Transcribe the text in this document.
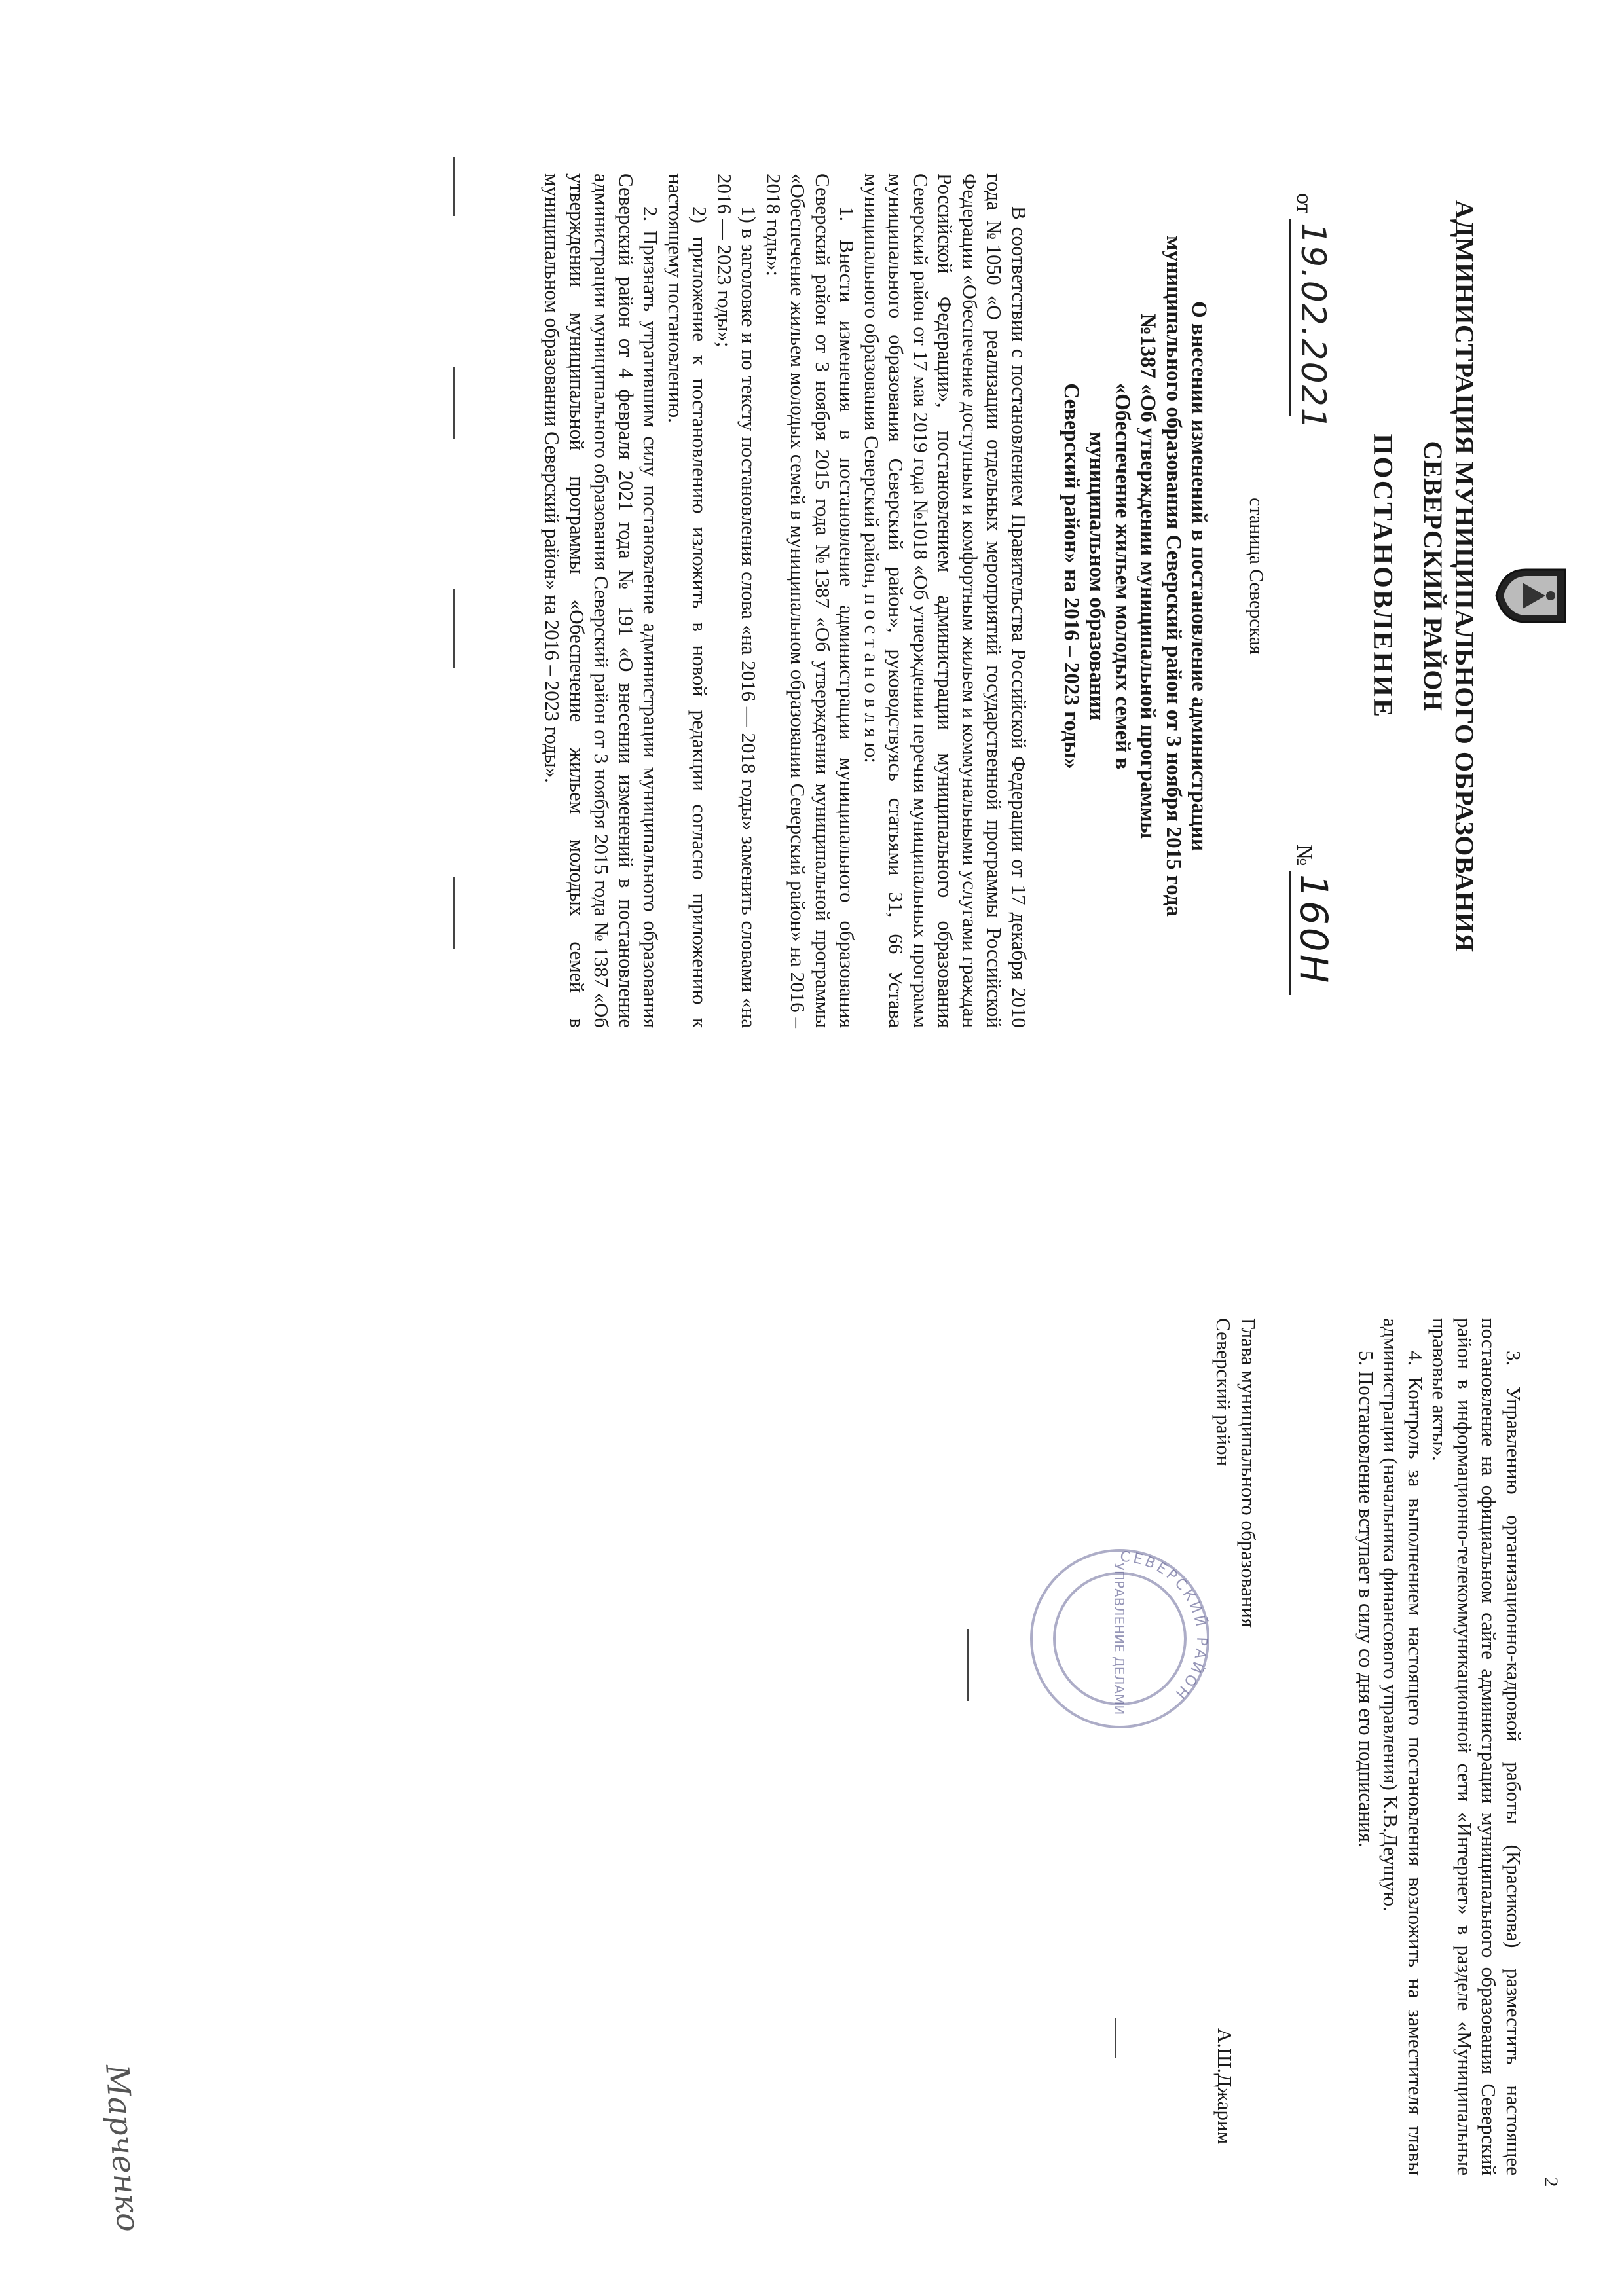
АДМИНИСТРАЦИЯ МУНИЦИПАЛЬНОГО ОБРАЗОВАНИЯ
СЕВЕРСКИЙ РАЙОН
ПОСТАНОВЛЕНИЕ
от
19.02.2021
№
160Н
станица Северская
О внесении изменений в постановление администрации
муниципального образования Северский район от 3 ноября 2015 года
№1387 «Об утверждении муниципальной программы
«Обеспечение жильем молодых семей в
муниципальном образовании
Северский район» на 2016 – 2023 годы»

В соответствии с постановлением Правительства Российской Федерации от 17 декабря 2010 года №1050 «О реализации отдельных мероприятий государственной программы Российской Федерации «Обеспечение доступным и комфортным жильем и коммунальными услугами граждан Российской Федерации», постановлением администрации муниципального образования Северский район от 17 мая 2019 года №1018 «Об утверждении перечня муниципальных программ муниципального образования Северский район», руководствуясь статьями 31, 66 Устава муниципального образования Северский район, п о с т а н о в л я ю:

1. Внести изменения в постановление администрации муниципального образования Северский район от 3 ноября 2015 года №1387 «Об утверждении муниципальной программы «Обеспечение жильем молодых семей в муниципальном образовании Северский район» на 2016 – 2018 годы»:

1) в заголовке и по тексту постановления слова «на 2016 — 2018 годы» заменить словами «на 2016 — 2023 годы»;

2) приложение к постановлению изложить в новой редакции согласно приложению к настоящему постановлению.

2. Признать утратившим силу постановление администрации муниципального образования Северский район от 4 февраля 2021 года № 191 «О внесении изменений в постановление администрации муниципального образования Северский район от 3 ноября 2015 года № 1387 «Об утверждении муниципальной программы «Обеспечение жильем молодых семей в муниципальном образовании Северский район» на 2016 – 2023 годы».

2

3. Управлению организационно-кадровой работы (Красикова) разместить настоящее постановление на официальном сайте администрации муниципального образования Северский район в информационно-телекоммуникационной сети «Интернет» в разделе «Муниципальные правовые акты».

4. Контроль за выполнением настоящего постановления возложить на заместителя главы администрации (начальника финансового управления) К.В.Деущую.

5. Постановление вступает в силу со дня его подписания.

Глава муниципального образования
Северский район
А.Ш.Джарим
СЕВЕРСКИЙ РАЙОН
УПРАВЛЕНИЕ ДЕЛАМИ
Марченко
